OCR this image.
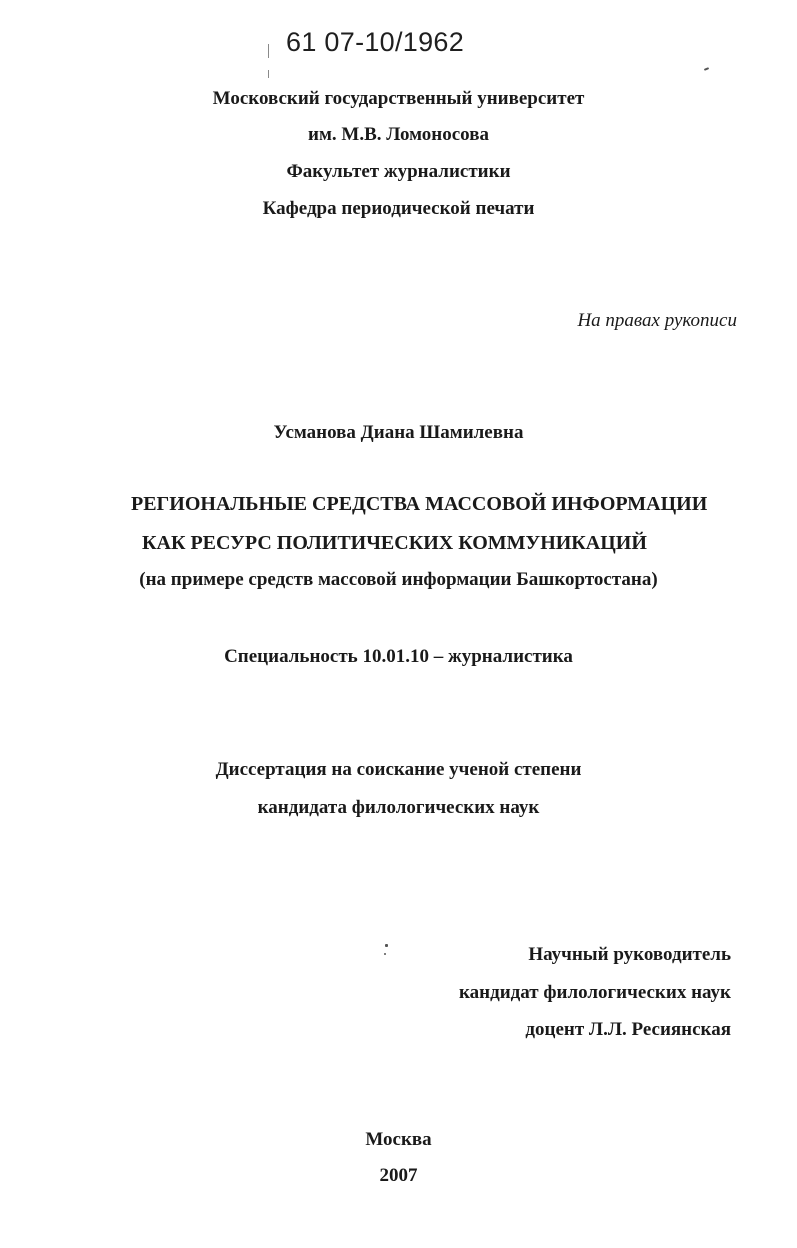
61 07-10/1962
Московский государственный университет
им. М.В. Ломоносова
Факультет журналистики
Кафедра периодической печати
На правах рукописи
Усманова Диана Шамилевна
РЕГИОНАЛЬНЫЕ СРЕДСТВА МАССОВОЙ ИНФОРМАЦИИ
КАК РЕСУРС ПОЛИТИЧЕСКИХ КОММУНИКАЦИЙ
(на примере средств массовой информации Башкортостана)
Специальность 10.01.10 – журналистика
Диссертация на соискание ученой степени
кандидата филологических наук
Научный руководитель
кандидат филологических наук
доцент Л.Л. Ресиянская
Москва
2007
